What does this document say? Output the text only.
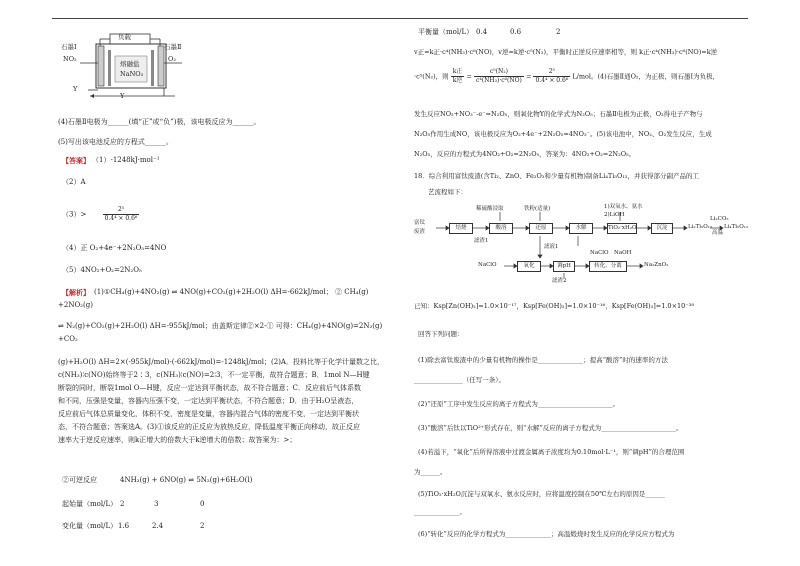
负载
石墨Ⅰ	石墨Ⅱ
NO₂	O₂
熔融盐
NaNO₃
Y
Y
(4)石墨Ⅱ电极为______(填“正”或“负”)极，该电极反应为______。
(5)写出该电池反应的方程式______。
【答案】 （1）-1248kJ·mol⁻¹
（2）A
（3）>	$\frac{\text{2⁵}}{\text{0.4⁴ × 0.6⁶}}$
（4）正 O₂+4e⁻+2N₂O₅=4NO
（5）4NO₂+O₂=2N₂O₅
【解析】 (1)①CH₄(g)+4NO₂(g) ⇌ 4NO(g)+CO₂(g)+2H₂O(l) ΔH=-662kJ/mol； ② CH₄(g)
+2NO₂(g)
⇌ N₂(g)+CO₂(g)+2H₂O(l) ΔH=-955kJ/mol；由盖斯定律②×2-① 可得：CH₄(g)+4NO(g)=2N₂(g)
+CO₂
(g)+H₂O(l) ΔH=2×(-955kJ/mol)-(-662kJ/mol)=-1248kJ/mol；(2)A．投料比等于化学计量数之比，
c(NH₃)∶c(NO)始终等于2∶3，c(NH₃)∶c(NO)=2∶3，不一定平衡，故符合题意；B．1mol N—H键
断裂的同时，断裂1mol O—H键，反应一定达到平衡状态，故不符合题意；C．反应前后气体系数
和不同，压强是变量，容器内压强不变，一定达到平衡状态，不符合题意；D．由于H₂O呈液态，
反应前后气体总质量变化，体积不变，密度是变量，容器内混合气体的密度不变，一定达到平衡状
态，不符合题意；答案选A。(3)①该反应的正反应为放热反应，降低温度平衡正向移动，故正反应
速率大于逆反应速率，则k正增大的倍数大于k逆增大的倍数；故答案为：>；
②可逆反应	4NH₃(g) + 6NO(g) ⇌ 5N₂(g)+6H₂O(l)
起始量（mol/L） 2	3	0
变化量（mol/L） 1.6	2.4	2
平衡量（mol/L） 0.4	0.6	2
v正=k正·c⁴(NH₃)·c⁶(NO)，v逆=k逆·c⁵(N₂)，平衡时正逆反应速率相等，则 k正·c⁴(NH₃)·c⁶(NO)=k逆
·c⁵(N₂)，则 $\frac{\text{k正}}{\text{k逆}} = \frac{\text{c⁵(N₂)}}{\text{c⁴(NH₃)·c⁶(NO)}} = \frac{\text{2⁵}}{\text{0.4⁴ × 0.6⁶}} L/mol$。(4)石墨Ⅱ通O₂，为正极，则石墨Ⅰ为负极，
发生反应NO₂+NO₃⁻-e⁻=N₂O₅，则氧化物Y的化学式为N₂O₅；石墨Ⅱ电极为正极，O₂得电子产物与
N₂O₅作用生成NO，该电极反应为O₂+4e⁻+2N₂O₅=4NO₃⁻。(5)该电池中，NO₂、O₂发生反应，生成
N₂O₅，反应的方程式为4NO₂+O₂=2N₂O₅，答案为：4NO₂+O₂=2N₂O₅。
18．综合利用富钛废渣(含Ti₂、ZnO、Fe₂O₃和少量有机物)制备Li₄Ti₅O₁₂，并获得部分副产品的工
艺流程如下：
富钛
废渣
焙烧	酸溶	还原	水解	TiO₂·xH₂O	沉淀
稀硫酸浸取	铁粉(适量)	1)双氧水、氨水
2)LiOH
Li₂Ti₅O₁₅
Li₂CO₃
高温
Li₄Ti₅O₁₂
滤渣1
滤液1
NaClO	氧化	调pH	转化、分离
滤渣2
NaClO NaOH
Na₂ZnO₂
已知：Ksp[Zn(OH)₂]=1.0×10⁻¹⁷，Ksp[Fe(OH)₂]=1.0×10⁻¹⁶，Ksp[Fe(OH)₃]=1.0×10⁻³⁸
回答下列问题：
(1)除去富钛废渣中的少量有机物的操作是______________；提高“酸溶”时的速率的方法
_______________（任写一条）。
(2)“还原”工序中发生反应的离子方程式为_______________________。
(3)“酸溶”后钛以TiO²⁺形式存在，则“水解”反应的离子方程式为_______________________。
(4)若溢下，“氧化”后所得溶液中过渡金属离子浓度均为0.10mol·L⁻¹，则“调pH”的合理范围
为______。
(5)TiO₂·xH₂O沉淀与双氧水、氨水反应时，应将温度控制在50℃左右的原因是______
______________。
(6)“转化”反应的化学方程式为______________；高温煅烧时发生反应的化学反应方程式为
